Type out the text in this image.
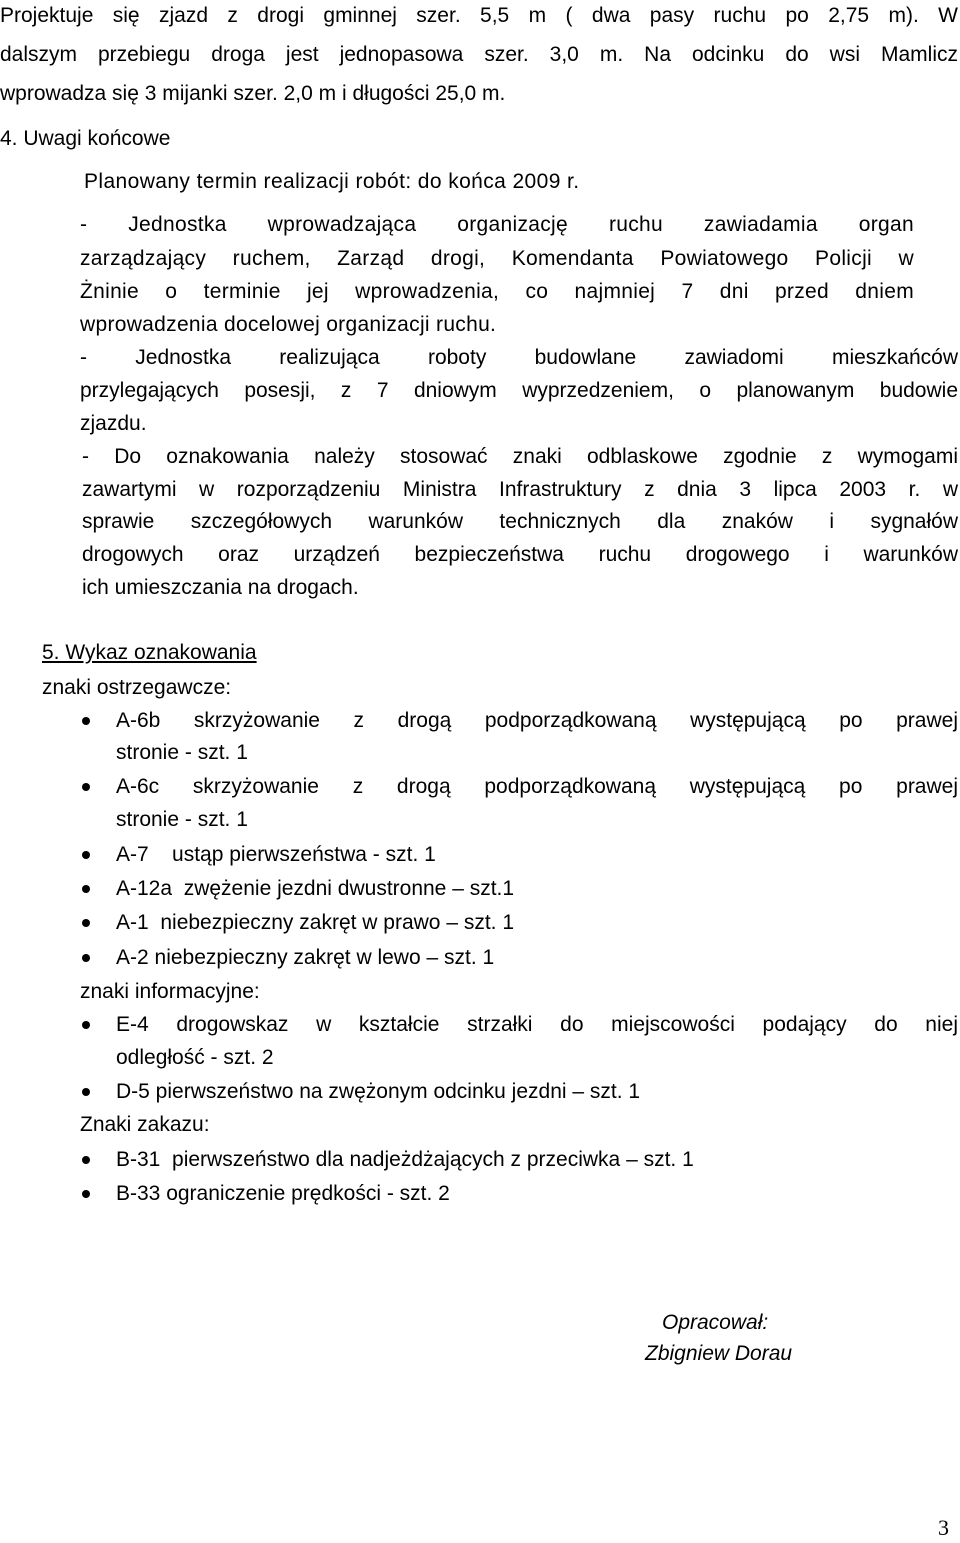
Projektuje się zjazd z drogi gminnej szer. 5,5 m ( dwa pasy ruchu po 2,75 m). W
dalszym przebiegu droga jest jednopasowa szer. 3,0 m. Na odcinku do wsi Mamlicz
wprowadza się 3 mijanki szer. 2,0 m i długości 25,0 m.
4. Uwagi końcowe
Planowany termin realizacji robót: do końca 2009 r.
- Jednostka wprowadzająca organizację ruchu zawiadamia organ
zarządzający ruchem, Zarząd drogi, Komendanta Powiatowego Policji w
Żninie o terminie jej wprowadzenia, co najmniej 7 dni przed dniem
wprowadzenia docelowej organizacji ruchu.
- Jednostka realizująca roboty budowlane zawiadomi mieszkańców
przylegających posesji, z 7 dniowym wyprzedzeniem, o planowanym budowie
zjazdu.
- Do oznakowania należy stosować znaki odblaskowe zgodnie z wymogami
zawartymi w rozporządzeniu Ministra Infrastruktury z dnia 3 lipca 2003 r. w
sprawie szczegółowych warunków technicznych dla znaków i sygnałów
drogowych oraz urządzeń bezpieczeństwa ruchu drogowego i warunków
ich umieszczania na drogach.
5. Wykaz oznakowania
znaki ostrzegawcze:
A-6b skrzyżowanie z drogą podporządkowaną występującą po prawej
stronie - szt. 1
A-6c skrzyżowanie z drogą podporządkowaną występującą po prawej
stronie - szt. 1
A-7    ustąp pierwszeństwa - szt. 1
A-12a  zwężenie jezdni dwustronne – szt.1
A-1  niebezpieczny zakręt w prawo – szt. 1
A-2 niebezpieczny zakręt w lewo – szt. 1
znaki informacyjne:
E-4 drogowskaz w kształcie strzałki do miejscowości podający do niej
odległość - szt. 2
D-5 pierwszeństwo na zwężonym odcinku jezdni – szt. 1
Znaki zakazu:
B-31  pierwszeństwo dla nadjeżdżających z przeciwka – szt. 1
B-33 ograniczenie prędkości - szt. 2
Opracował:
Zbigniew Dorau
3
